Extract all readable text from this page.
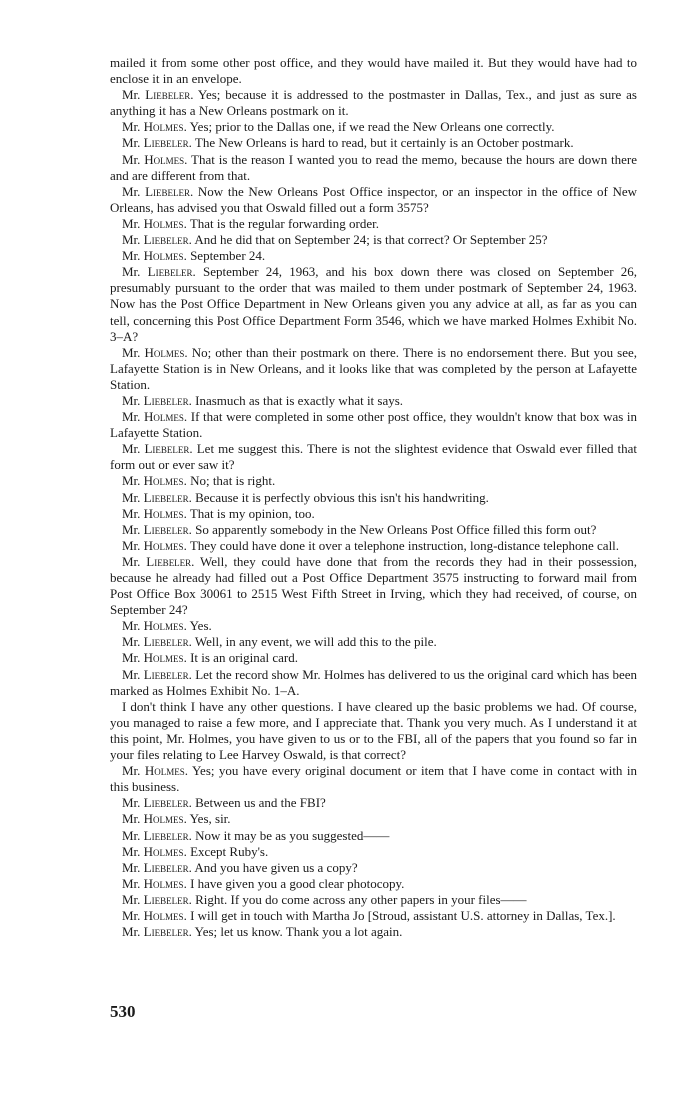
mailed it from some other post office, and they would have mailed it. But they would have had to enclose it in an envelope.

Mr. Liebeler. Yes; because it is addressed to the postmaster in Dallas, Tex., and just as sure as anything it has a New Orleans postmark on it.

Mr. Holmes. Yes; prior to the Dallas one, if we read the New Orleans one correctly.

Mr. Liebeler. The New Orleans is hard to read, but it certainly is an October postmark.

Mr. Holmes. That is the reason I wanted you to read the memo, because the hours are down there and are different from that.

Mr. Liebeler. Now the New Orleans Post Office inspector, or an inspector in the office of New Orleans, has advised you that Oswald filled out a form 3575?

Mr. Holmes. That is the regular forwarding order.

Mr. Liebeler. And he did that on September 24; is that correct? Or September 25?

Mr. Holmes. September 24.

Mr. Liebeler. September 24, 1963, and his box down there was closed on September 26, presumably pursuant to the order that was mailed to them under postmark of September 24, 1963. Now has the Post Office Department in New Orleans given you any advice at all, as far as you can tell, concerning this Post Office Department Form 3546, which we have marked Holmes Exhibit No. 3–A?

Mr. Holmes. No; other than their postmark on there. There is no endorsement there. But you see, Lafayette Station is in New Orleans, and it looks like that was completed by the person at Lafayette Station.

Mr. Liebeler. Inasmuch as that is exactly what it says.

Mr. Holmes. If that were completed in some other post office, they wouldn't know that box was in Lafayette Station.

Mr. Liebeler. Let me suggest this. There is not the slightest evidence that Oswald ever filled that form out or ever saw it?

Mr. Holmes. No; that is right.

Mr. Liebeler. Because it is perfectly obvious this isn't his handwriting.

Mr. Holmes. That is my opinion, too.

Mr. Liebeler. So apparently somebody in the New Orleans Post Office filled this form out?

Mr. Holmes. They could have done it over a telephone instruction, long-distance telephone call.

Mr. Liebeler. Well, they could have done that from the records they had in their possession, because he already had filled out a Post Office Department 3575 instructing to forward mail from Post Office Box 30061 to 2515 West Fifth Street in Irving, which they had received, of course, on September 24?

Mr. Holmes. Yes.

Mr. Liebeler. Well, in any event, we will add this to the pile.

Mr. Holmes. It is an original card.

Mr. Liebeler. Let the record show Mr. Holmes has delivered to us the original card which has been marked as Holmes Exhibit No. 1–A.

I don't think I have any other questions. I have cleared up the basic problems we had. Of course, you managed to raise a few more, and I appreciate that. Thank you very much. As I understand it at this point, Mr. Holmes, you have given to us or to the FBI, all of the papers that you found so far in your files relating to Lee Harvey Oswald, is that correct?

Mr. Holmes. Yes; you have every original document or item that I have come in contact with in this business.

Mr. Liebeler. Between us and the FBI?

Mr. Holmes. Yes, sir.

Mr. Liebeler. Now it may be as you suggested——

Mr. Holmes. Except Ruby's.

Mr. Liebeler. And you have given us a copy?

Mr. Holmes. I have given you a good clear photocopy.

Mr. Liebeler. Right. If you do come across any other papers in your files——

Mr. Holmes. I will get in touch with Martha Jo [Stroud, assistant U.S. attorney in Dallas, Tex.].

Mr. Liebeler. Yes; let us know. Thank you a lot again.

530
